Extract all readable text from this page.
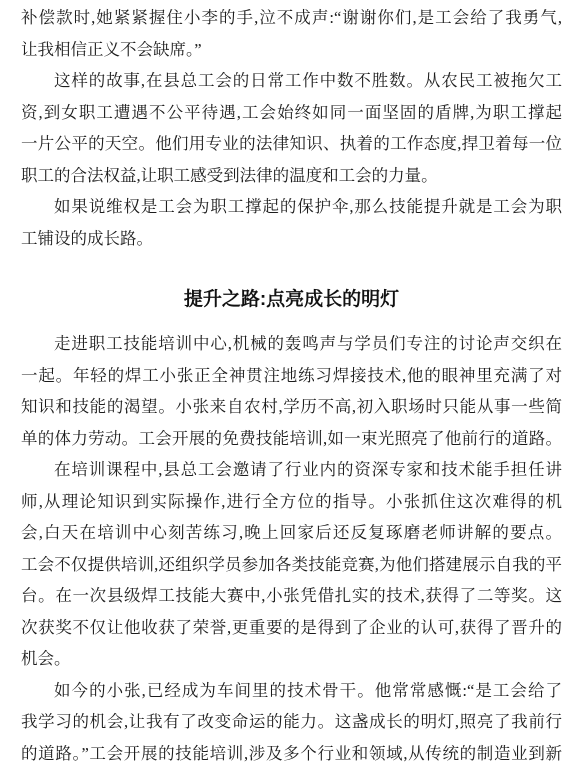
补偿款时,她紧紧握住小李的手,泣不成声:“谢谢你们,是工会给了我勇气,
让我相信正义不会缺席。”
这样的故事,在县总工会的日常工作中数不胜数。从农民工被拖欠工
资,到女职工遭遇不公平待遇,工会始终如同一面坚固的盾牌,为职工撑起
一片公平的天空。他们用专业的法律知识、执着的工作态度,捍卫着每一位
职工的合法权益,让职工感受到法律的温度和工会的力量。
如果说维权是工会为职工撑起的保护伞,那么技能提升就是工会为职
工铺设的成长路。
提升之路:点亮成长的明灯
走进职工技能培训中心,机械的轰鸣声与学员们专注的讨论声交织在
一起。年轻的焊工小张正全神贯注地练习焊接技术,他的眼神里充满了对
知识和技能的渴望。小张来自农村,学历不高,初入职场时只能从事一些简
单的体力劳动。工会开展的免费技能培训,如一束光照亮了他前行的道路。
在培训课程中,县总工会邀请了行业内的资深专家和技术能手担任讲
师,从理论知识到实际操作,进行全方位的指导。小张抓住这次难得的机
会,白天在培训中心刻苦练习,晚上回家后还反复琢磨老师讲解的要点。
工会不仅提供培训,还组织学员参加各类技能竞赛,为他们搭建展示自我的平
台。在一次县级焊工技能大赛中,小张凭借扎实的技术,获得了二等奖。这
次获奖不仅让他收获了荣誉,更重要的是得到了企业的认可,获得了晋升的
机会。
如今的小张,已经成为车间里的技术骨干。他常常感慨:“是工会给了
我学习的机会,让我有了改变命运的能力。这盏成长的明灯,照亮了我前行
的道路。”工会开展的技能培训,涉及多个行业和领域,从传统的制造业到新
